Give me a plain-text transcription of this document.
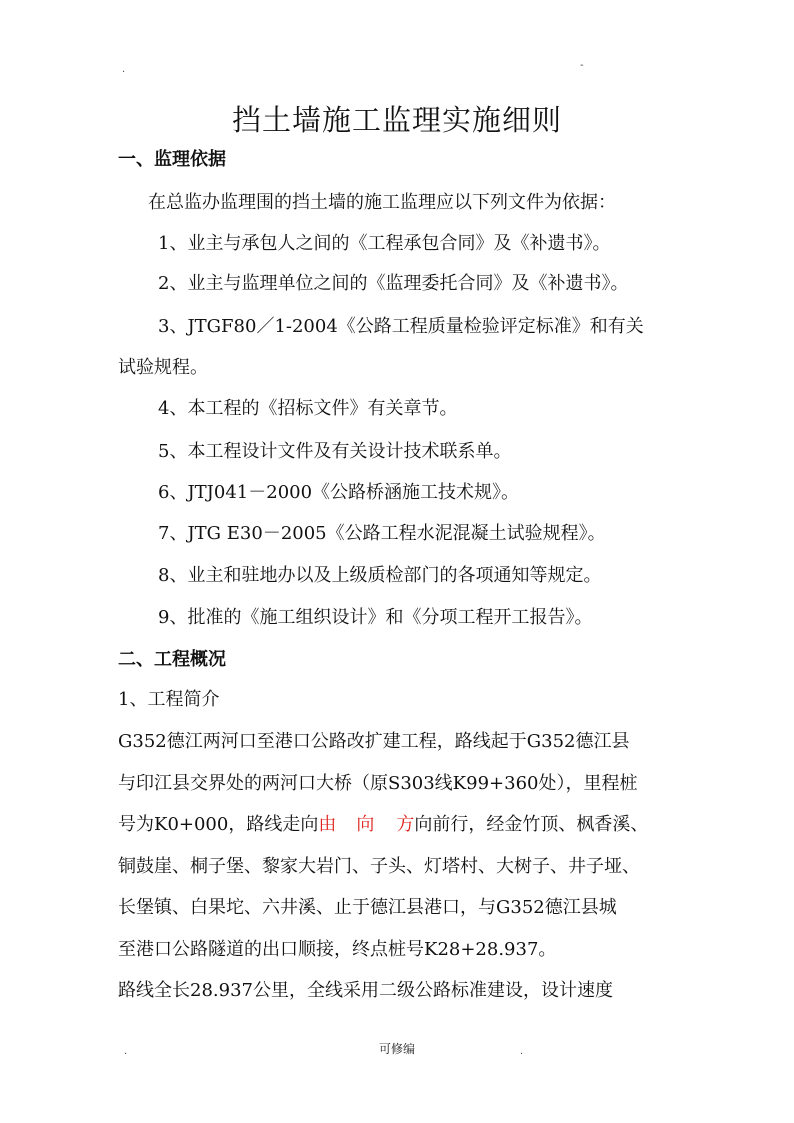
.	-
挡土墙施工监理实施细则
一、监理依据
在总监办监理围的挡土墙的施工监理应以下列文件为依据：
1、业主与承包人之间的《工程承包合同》及《补遗书》。
2、业主与监理单位之间的《监理委托合同》及《补遗书》。
3、JTGF80／1-2004《公路工程质量检验评定标准》和有关
试验规程。
4、本工程的《招标文件》有关章节。
5、本工程设计文件及有关设计技术联系单。
6、JTJ041－2000《公路桥涵施工技术规》。
7、JTG E30－2005《公路工程水泥混凝土试验规程》。
8、业主和驻地办以及上级质检部门的各项通知等规定。
9、批准的《施工组织设计》和《分项工程开工报告》。
二、工程概况
1、工程简介
G352德江两河口至港口公路改扩建工程，路线起于G352德江县
与印江县交界处的两河口大桥（原S303线K99+360处），里程桩
号为K0+000，路线走向由 向 方向前行，经金竹顶、枫香溪、
铜鼓崖、桐子堡、黎家大岩门、子头、灯塔村、大树子、井子垭、
长堡镇、白果坨、六井溪、止于德江县港口，与G352德江县城
至港口公路隧道的出口顺接，终点桩号K28+28.937。
路线全长28.937公里，全线采用二级公路标准建设，设计速度
.	可修编	.
